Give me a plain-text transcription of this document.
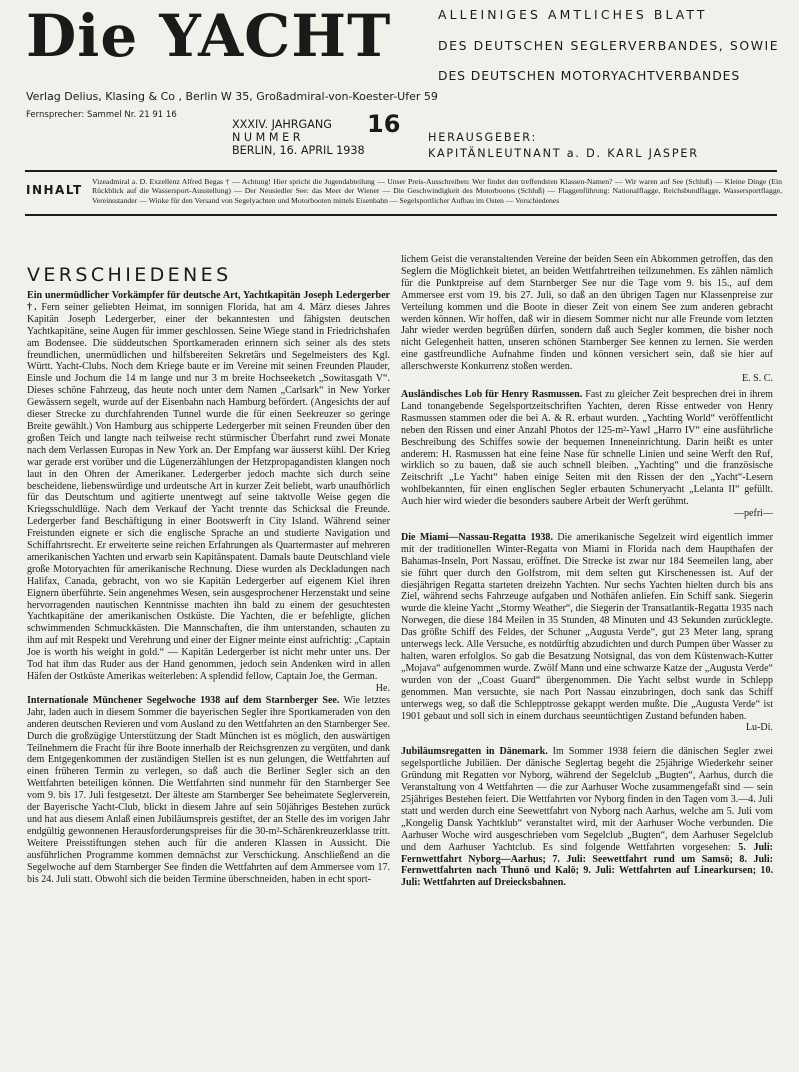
Die YACHT	ALLEINIGES AMTLICHES BLATT
DES DEUTSCHEN SEGLERVERBANDES, SOWIE
DES DEUTSCHEN MOTORYACHTVERBANDES
Verlag Delius, Klasing & Co , Berlin W 35, Großadmiral-von-Koester-Ufer 59
Fernsprecher: Sammel Nr. 21 91 16
XXXIV. JAHRGANG
N U M M E R
BERLIN, 16. APRIL 1938
16 HERAUSGEBER:
KAPITÄNLEUTNANT a. D. KARL JASPER
INHALT
Vizeadmiral a. D. Exzellenz Alfred Begas † — Achtung! Hier spricht die Jugendabteilung — Unser Preis-Ausschreiben: Wer findet den treffendsten Klassen-Namen? — Wir waren auf See (Schluß) — Kleine Dinge (Ein Rückblick auf die Wassersport-Ausstellung) — Der Neusiedler See: das Meer der Wiener — Die Geschwindigkeit des Motorbootes (Schluß) — Flaggenführung: Nationalflagge, Reichsbundflagge, Wassersportflagge, Vereinsstander — Winke für den Versand von Segelyachten und Motorbooten mittels Eisenbahn — Segelsportlicher Aufbau im Osten — Verschiedenes
VERSCHIEDENES

Ein unermüdlicher Vorkämpfer für deutsche Art, Yachtkapitän Joseph Ledergerber †. Fern seiner geliebten Heimat, im sonnigen Florida, hat am 4. März dieses Jahres Kapitän Joseph Ledergerber, einer der bekanntesten und fähigsten deutschen Yachtkapitäne, seine Augen für immer geschlossen. Seine Wiege stand in Friedrichshafen am Bodensee. Die süddeutschen Sportkameraden erinnern sich seiner als des stets freundlichen, unermüdlichen und hilfsbereiten Sekretärs und Segelmeisters des Kgl. Württ. Yacht-Clubs. Noch dem Kriege baute er im Vereine mit seinen Freunden Plauder, Einsle und Jochum die 14 m lange und nur 3 m breite Hochseeketch „Sowitasgath V“. Dieses schöne Fahrzeug, das heute noch unter dem Namen „Carlsark“ in New Yorker Gewässern segelt, wurde auf der Eisenbahn nach Hamburg befördert. (Angesichts der auf dieser Strecke zu durchfahrenden Tunnel wurde die für einen Seekreuzer so geringe Breite gewählt.) Von Hamburg aus schipperte Ledergerber mit seinen Freunden über den großen Teich und langte nach teilweise recht stürmischer Überfahrt rund zwei Monate nach dem Verlassen Europas in New York an. Der Empfang war äusserst kühl. Der Krieg war gerade erst vorüber und die Lügenerzählungen der Hetzpropagandisten klangen noch laut in den Ohren der Amerikaner. Ledergerber jedoch machte sich durch seine bescheidene, liebenswürdige und urdeutsche Art in kurzer Zeit beliebt, warb unaufhörlich für das Deutschtum und agitierte unentwegt auf seine taktvolle Weise gegen die Kriegsschuldlüge. Nach dem Verkauf der Yacht trennte das Schicksal die Freunde. Ledergerber fand Beschäftigung in einer Bootswerft in City Island. Während seiner Freistunden eignete er sich die englische Sprache an und studierte Navigation und Schiffahrtsrecht. Er erweiterte seine reichen Erfahrungen als Quartermaster auf mehreren amerikanischen Yachten und erwarb sein Kapitänspatent. Damals baute Deutschland viele große Motoryachten für amerikanische Rechnung. Diese wurden als Deckladungen nach Halifax, Canada, gebracht, von wo sie Kapitän Ledergerber auf eigenem Kiel ihren Eignern überführte. Sein angenehmes Wesen, sein ausgesprochener Herzenstakt und seine hervorragenden nautischen Kenntnisse machten ihn bald zu einem der gesuchtesten Yachtkapitäne der amerikanischen Ostküste. Die Yachten, die er befehligte, glichen schwimmenden Schmuckkästen. Die Mannschaften, die ihm unterstanden, schauten zu ihm auf mit Respekt und Verehrung und einer der Eigner meinte einst aufrichtig: „Captain Joe is worth his weight in gold.“ — Kapitän Ledergerber ist nicht mehr unter uns. Der Tod hat ihm das Ruder aus der Hand genommen, jedoch sein Andenken wird in allen Häfen der Ostküste Amerikas weiterleben: A splendid fellow, Captain Joe, the German.
He.

Internationale Münchener Segelwoche 1938 auf dem Starnberger See. Wie letztes Jahr, laden auch in diesem Sommer die bayerischen Segler ihre Sportkameraden von den anderen deutschen Revieren und vom Ausland zu den Wettfahrten an den Starnberger See. Durch die großzügige Unterstützung der Stadt München ist es möglich, den auswärtigen Teilnehmern die Fracht für ihre Boote innerhalb der Reichsgrenzen zu vergüten, und dank dem Entgegenkommen der zuständigen Stellen ist es nun gelungen, die Wettfahrten auf einen früheren Termin zu verlegen, so daß auch die Berliner Segler sich an den Wettfahrten beteiligen können. Die Wettfahrten sind nunmehr für den Starnberger See vom 9. bis 17. Juli festgesetzt. Der älteste am Starnberger See beheimatete Seglerverein, der Bayerische Yacht-Club, blickt in diesem Jahre auf sein 50jähriges Bestehen zurück und hat aus diesem Anlaß einen Jubiläumspreis gestiftet, der an Stelle des im vorigen Jahr endgültig gewonnenen Herausforderungspreises für die 30-m²-Schärenkreuzerklasse tritt. Weitere Preisstiftungen stehen auch für die anderen Klassen in Aussicht. Die ausführlichen Programme kommen demnächst zur Verschickung. Anschließend an die Segelwoche auf dem Starnberger See finden die Wettfahrten auf dem Ammersee vom 17. bis 24. Juli statt. Obwohl sich die beiden Termine überschneiden, haben in echt sport-

lichem Geist die veranstaltenden Vereine der beiden Seen ein Abkommen getroffen, das den Seglern die Möglichkeit bietet, an beiden Wettfahrtreihen teilzunehmen. Es zählen nämlich für die Punktpreise auf dem Starnberger See nur die Tage vom 9. bis 15., auf dem Ammersee erst vom 19. bis 27. Juli, so daß an den übrigen Tagen nur Klassenpreise zur Verteilung kommen und die Boote in dieser Zeit von einem See zum anderen gebracht werden können. Wir hoffen, daß wir in diesem Sommer nicht nur alle Freunde vom letzten Jahr wieder werden begrüßen dürfen, sondern daß auch Segler kommen, die bisher noch nicht Gelegenheit hatten, unseren schönen Starnberger See kennen zu lernen. Sie werden eine gastfreundliche Aufnahme finden und können versichert sein, daß sie hier auf allerschwerste Konkurrenz stoßen werden.

E. S. C.

Ausländisches Lob für Henry Rasmussen. Fast zu gleicher Zeit besprechen drei in ihrem Land tonangebende Segelsportzeitschriften Yachten, deren Risse entweder von Henry Rasmussen stammen oder die bei A. & R. erbaut wurden. „Yachting World“ veröffentlicht neben den Rissen und einer Anzahl Photos der 125-m²-Yawl „Harro IV“ eine ausführliche Beschreibung des Schiffes sowie der bequemen Inneneinrichtung. Darin heißt es unter anderem: H. Rasmussen hat eine feine Nase für schnelle Linien und seine Werft den Ruf, wirklich so zu bauen, daß sie auch schnell bleiben. „Yachting“ und die französische Zeitschrift „Le Yacht“ haben einige Seiten mit den Rissen der den „Yacht“-Lesern wohlbekannten, für einen englischen Segler erbauten Schuneryacht „Lelanta II“ gefüllt. Auch hier wird wieder die besonders saubere Arbeit der Werft gerühmt.

—pefri—

Die Miami—Nassau-Regatta 1938. Die amerikanische Segelzeit wird eigentlich immer mit der traditionellen Winter-Regatta von Miami in Florida nach dem Haupthafen der Bahamas-Inseln, Port Nassau, eröffnet. Die Strecke ist zwar nur 184 Seemeilen lang, aber sie führt quer durch den Golfstrom, mit dem selten gut Kirschenessen ist. Auf der diesjährigen Regatta starteten dreizehn Yachten. Nur sechs Yachten hielten durch bis ans Ziel, während sechs Fahrzeuge aufgaben und Nothäfen anliefen. Ein Schiff sank. Siegerin wurde die kleine Yacht „Stormy Weather“, die Siegerin der Transatlantik-Regatta 1935 nach Norwegen, die diese 184 Meilen in 35 Stunden, 48 Minuten und 43 Sekunden zurücklegte. Das größte Schiff des Feldes, der Schuner „Augusta Verde“, gut 23 Meter lang, sprang unterwegs leck. Alle Versuche, es notdürftig abzudichten und durch Pumpen über Wasser zu halten, waren erfolglos. So gab die Besatzung Notsignal, das von dem Küstenwach-Kutter „Mojava“ aufgenommen wurde. Zwölf Mann und eine schwarze Katze der „Augusta Verde“ wurden von der „Coast Guard“ übergenommen. Die Yacht selbst wurde in Schlepp genommen. Man versuchte, sie nach Port Nassau einzubringen, doch sank das Schiff unterwegs weg, so daß die Schlepptrosse gekappt werden mußte. Die „Augusta Verde“ ist 1901 gebaut und soll sich in einem durchaus seeuntüchtigen Zustand befunden haben.

Lu-Di.

Jubiläumsregatten in Dänemark. Im Sommer 1938 feiern die dänischen Segler zwei segelsportliche Jubiläen. Der dänische Seglertag begeht die 25jährige Wiederkehr seiner Gründung mit Regatten vor Nyborg, während der Segelclub „Bugten“, Aarhus, durch die Veranstaltung von 4 Wettfahrten — die zur Aarhuser Woche zusammengefaßt sind — sein 25jähriges Bestehen feiert. Die Wettfahrten vor Nyborg finden in den Tagen vom 3.—4. Juli statt und werden durch eine Seewettfahrt von Nyborg nach Aarhus, welche am 5. Juli vom „Kongelig Dansk Yachtklub“ veranstaltet wird, mit der Aarhuser Woche verbunden. Die Aarhuser Woche wird ausgeschrieben vom Segelclub „Bugten“, dem Aarhuser Segelclub und dem Aarhuser Yachtclub. Es sind folgende Wettfahrten vorgesehen: 5. Juli: Fernwettfahrt Nyborg—Aarhus; 7. Juli: Seewettfahrt rund um Samsö; 8. Juli: Fernwettfahrten nach Thunö und Kalö; 9. Juli: Wettfahrten auf Linearkursen; 10. Juli: Wettfahrten auf Dreiecksbahnen.
